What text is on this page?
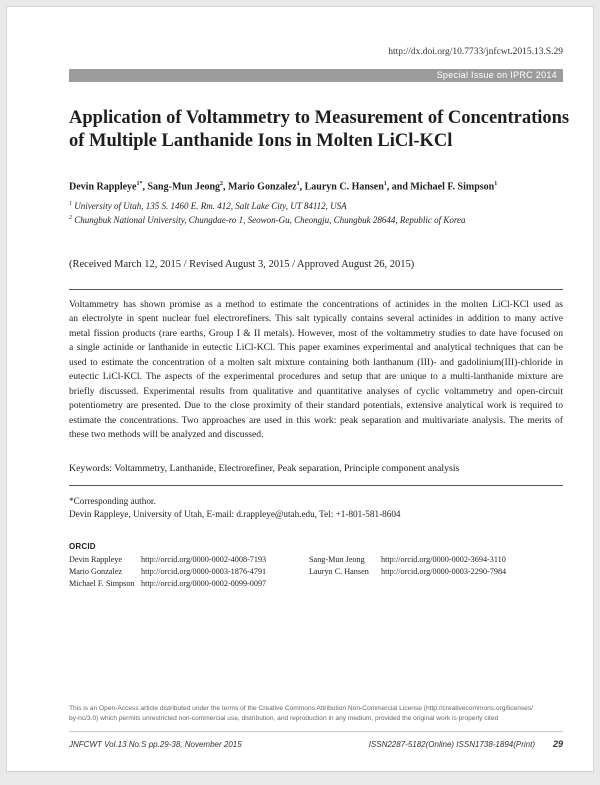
http://dx.doi.org/10.7733/jnfcwt.2015.13.S.29
Special Issue on IPRC 2014
Application of Voltammetry to Measurement of Concentrations
of Multiple Lanthanide Ions in Molten LiCl-KCl
Devin Rappleye$^{1*}$, Sang-Mun Jeong$^2$, Mario Gonzalez$^1$, Lauryn C. Hansen$^1$, and Michael F. Simpson$^1$
$^1$ University of Utah, 135 S. 1460 E. Rm. 412, Salt Lake City, UT 84112, USA
$^2$ Chungbuk National University, Chungdae-ro 1, Seowon-Gu, Cheongju, Chungbuk 28644, Republic of Korea
(Received March 12, 2015 / Revised August 3, 2015 / Approved August 26, 2015)
Voltammetry has shown promise as a method to estimate the concentrations of actinides in the molten LiCl-KCl used as
an electrolyte in spent nuclear fuel electrorefiners. This salt typically contains several actinides in addition to many active
metal fission products (rare earths, Group I & II metals). However, most of the voltammetry studies to date have focused on
a single actinide or lanthanide in eutectic LiCl-KCl. This paper examines experimental and analytical techniques that can be
used to estimate the concentration of a molten salt mixture containing both lanthanum (III)- and gadolinium(III)-chloride in
eutectic LiCl-KCl. The aspects of the experimental procedures and setup that are unique to a multi-lanthanide mixture are
briefly discussed. Experimental results from qualitative and quantitative analyses of cyclic voltammetry and open-circuit
potentiometry are presented. Due to the close proximity of their standard potentials, extensive analytical work is required to
estimate the concentrations. Two approaches are used in this work: peak separation and multivariate analysis. The merits of
these two methods will be analyzed and discussed.
Keywords: Voltammetry, Lanthanide, Electrorefiner, Peak separation, Principle component analysis
*Corresponding author.
Devin Rappleye, University of Utah, E-mail: d.rappleye@utah.edu, Tel: +1-801-581-8604
ORCID
Devin Rappleye http://orcid.org/0000-0002-4008-7193	Sang-Mun Jeong http://orcid.org/0000-0002-3694-3110
Mario Gonzalez http://orcid.org/0000-0003-1876-4791	Lauryn C. Hansen http://orcid.org/0000-0003-2290-7984
Michael F. Simpson http://orcid.org/0000-0002-0099-0097
This is an Open-Access article distributed under the terms of the Creative Commons Attribution Non-Commercial License (http://creativecommons.org/licenses/
by-nc/3.0) which permits unrestricted non-commercial use, distribution, and reproduction in any medium, provided the original work is properly cited
JNFCWT Vol.13 No.S pp.29-38, November 2015	ISSN2287-5182(Online) ISSN1738-1894(Print) 29
